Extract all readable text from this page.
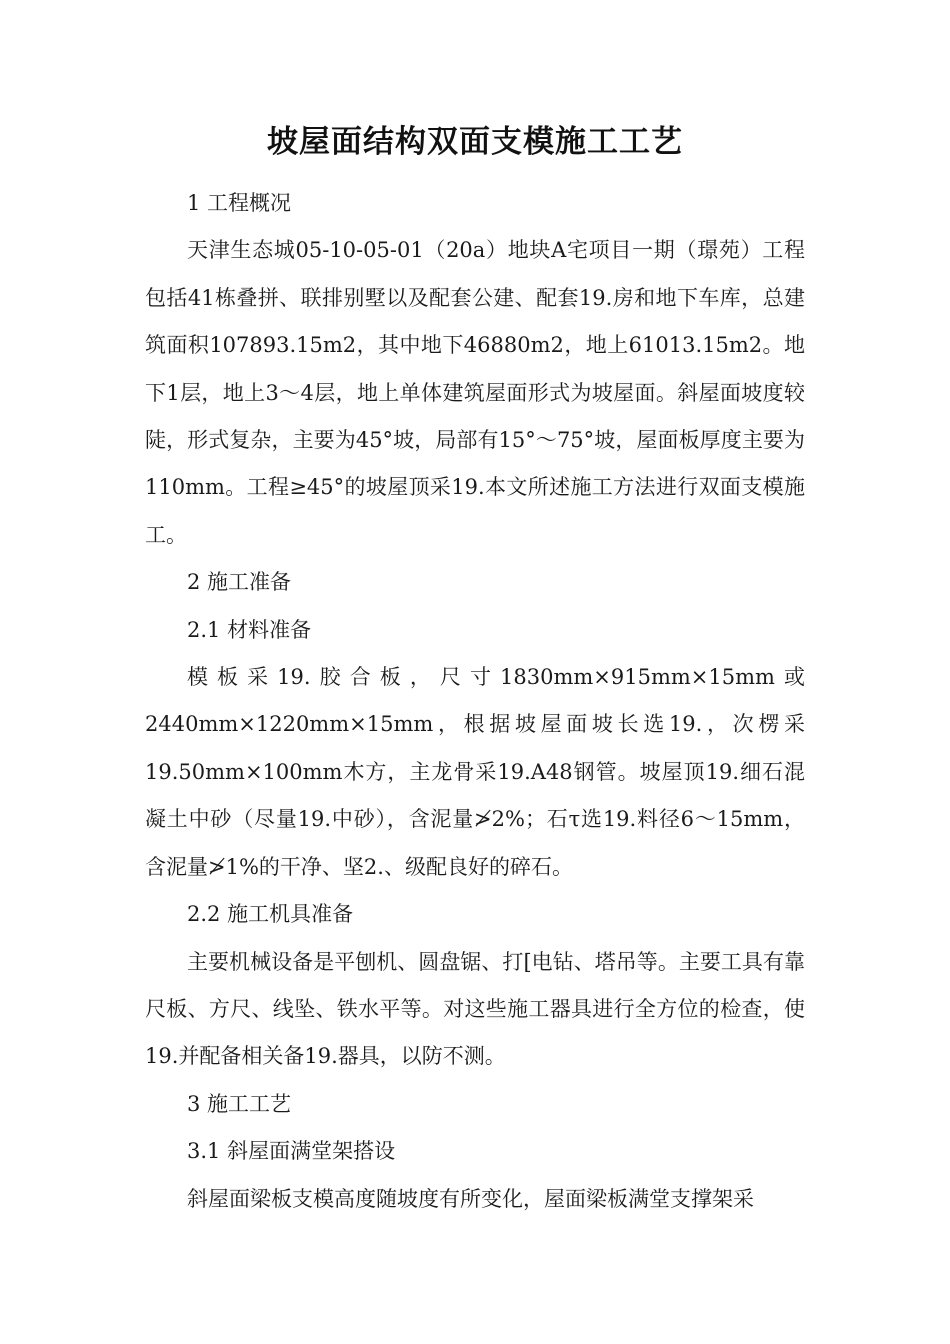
坡屋面结构双面支模施工工艺

1 工程概况

天津生态城05-10-05-01（20a）地块A宅项目一期（璟苑）工程包括41栋叠拼、联排别墅以及配套公建、配套19.房和地下车库，总建筑面积107893.15m2，其中地下46880m2，地上61013.15m2。地下1层，地上3～4层，地上单体建筑屋面形式为坡屋面。斜屋面坡度较陡，形式复杂，主要为45°坡，局部有15°～75°坡，屋面板厚度主要为110mm。工程≥45°的坡屋顶采19.本文所述施工方法进行双面支模施工。

2 施工准备

2.1 材料准备

模板采19.胶合板，尺寸1830mm×915mm×15mm或2440mm×1220mm×15mm，根据坡屋面坡长选19.，次楞采19.50mm×100mm木方，主龙骨采19.A48钢管。坡屋顶19.细石混凝土中砂（尽量19.中砂），含泥量≯2%；石τ选19.料径6～15mm，含泥量≯1%的干净、坚2.、级配良好的碎石。

2.2 施工机具准备

主要机械设备是平刨机、圆盘锯、打[电钻、塔吊等。主要工具有靠尺板、方尺、线坠、铁水平等。对这些施工器具进行全方位的检查，使19.并配备相关备19.器具，以防不测。

3 施工工艺

3.1 斜屋面满堂架搭设

斜屋面梁板支模高度随坡度有所变化，屋面梁板满堂支撑架采
